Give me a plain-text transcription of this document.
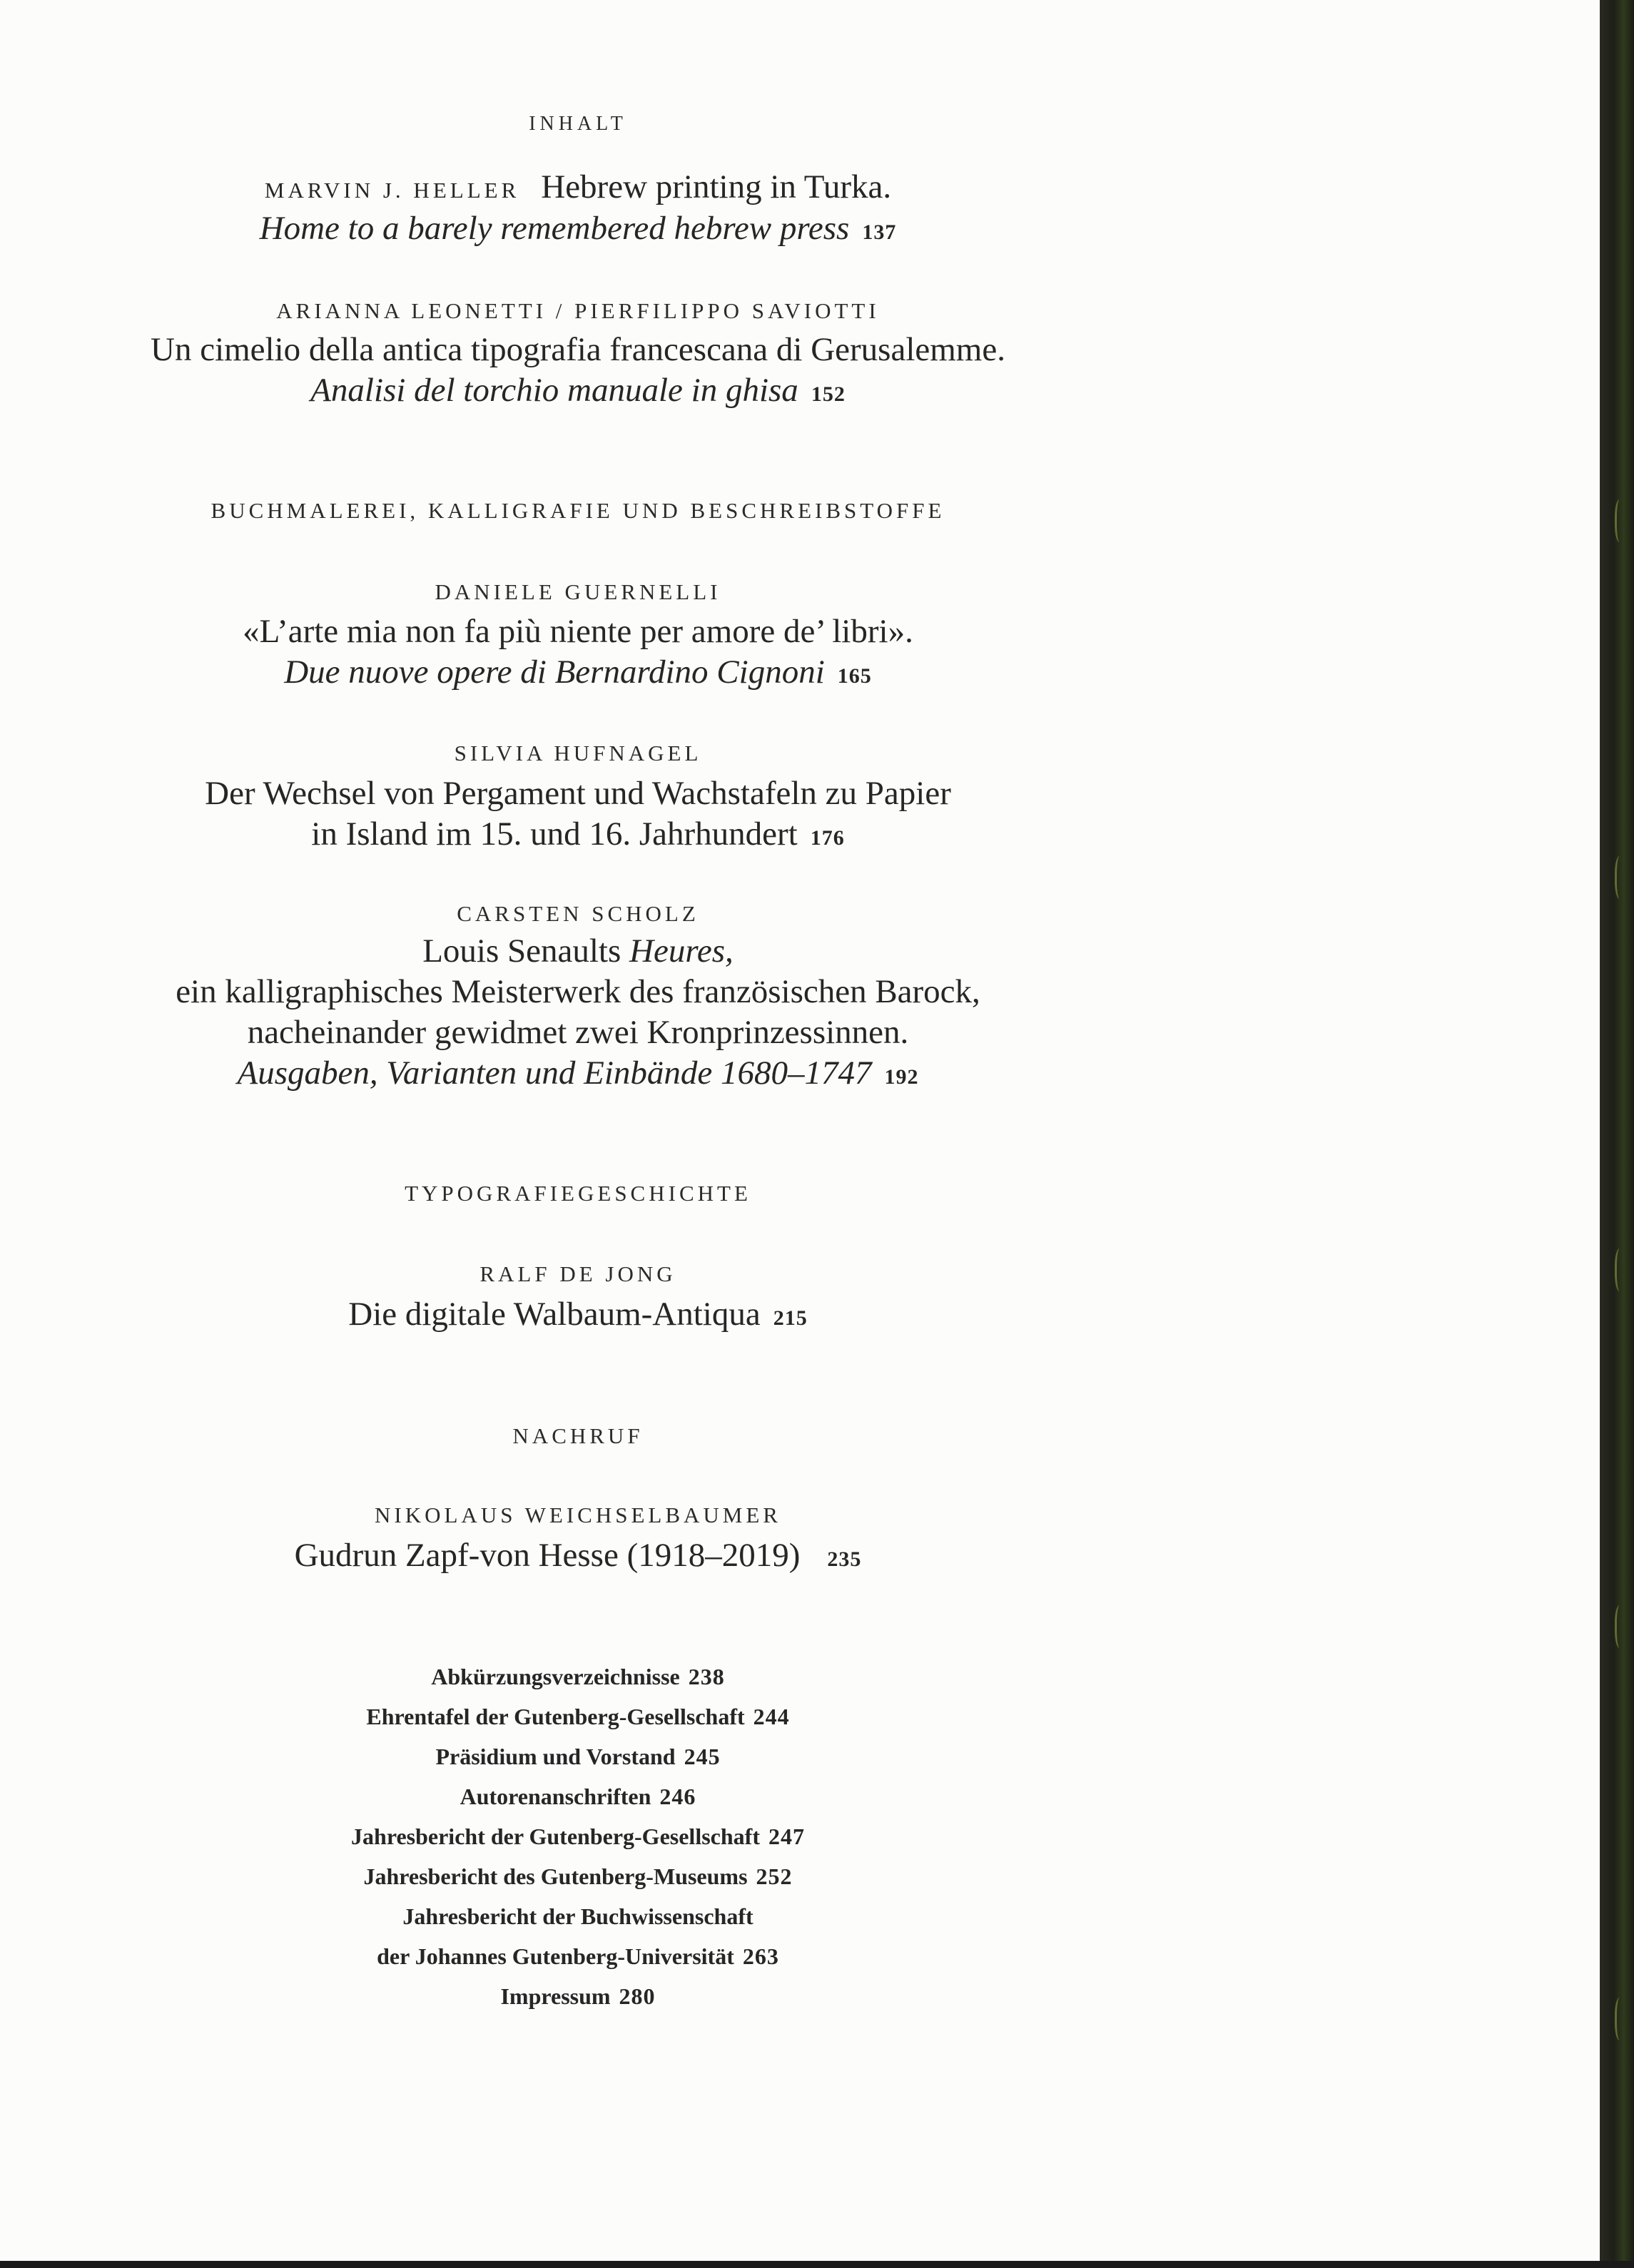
INHALT
MARVIN J. HELLER Hebrew printing in Turka.
Home to a barely remembered hebrew press 137
ARIANNA LEONETTI / PIERFILIPPO SAVIOTTI
Un cimelio della antica tipografia francescana di Gerusalemme.
Analisi del torchio manuale in ghisa 152
BUCHMALEREI, KALLIGRAFIE UND BESCHREIBSTOFFE
DANIELE GUERNELLI
«L’arte mia non fa più niente per amore de’ libri».
Due nuove opere di Bernardino Cignoni 165
SILVIA HUFNAGEL
Der Wechsel von Pergament und Wachstafeln zu Papier
in Island im 15. und 16. Jahrhundert 176
CARSTEN SCHOLZ
Louis Senaults Heures,
ein kalligraphisches Meisterwerk des französischen Barock,
nacheinander gewidmet zwei Kronprinzessinnen.
Ausgaben, Varianten und Einbände 1680–1747 192
TYPOGRAFIEGESCHICHTE
RALF DE JONG
Die digitale Walbaum-Antiqua 215
NACHRUF
NIKOLAUS WEICHSELBAUMER
Gudrun Zapf-von Hesse (1918–2019) 235
Abkürzungsverzeichnisse 238
Ehrentafel der Gutenberg-Gesellschaft 244
Präsidium und Vorstand 245
Autorenanschriften 246
Jahresbericht der Gutenberg-Gesellschaft 247
Jahresbericht des Gutenberg-Museums 252
Jahresbericht der Buchwissenschaft
der Johannes Gutenberg-Universität 263
Impressum 280
